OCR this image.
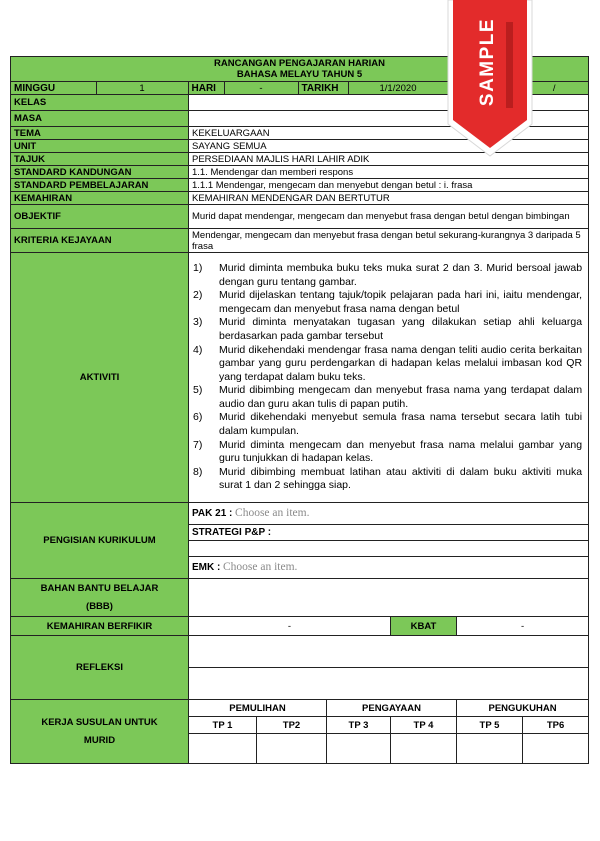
RANCANGAN PENGAJARAN HARIAN
BAHASA MELAYU TAHUN 5

MINGGU	1	HARI	-	TARIKH	1/1/2020		/

KELAS	
MASA	
TEMA	KEKELUARGAAN
UNIT	SAYANG SEMUA
TAJUK	PERSEDIAAN MAJLIS HARI LAHIR ADIK
STANDARD KANDUNGAN	1.1. Mendengar dan memberi respons
STANDARD PEMBELAJARAN	1.1.1 Mendengar, mengecam dan menyebut dengan betul : i. frasa
KEMAHIRAN	KEMAHIRAN MENDENGAR DAN BERTUTUR
OBJEKTIF	Murid dapat mendengar, mengecam dan menyebut frasa dengan betul dengan bimbingan
KRITERIA KEJAYAAN	Mendengar, mengecam dan menyebut frasa dengan betul sekurang-kurangnya 3 daripada 5 frasa
AKTIVITI	
1) Murid diminta membuka buku teks muka surat 2 dan 3. Murid bersoal jawab dengan guru tentang gambar.
2) Murid dijelaskan tentang tajuk/topik pelajaran pada hari ini, iaitu mendengar, mengecam dan menyebut frasa nama dengan betul
3) Murid diminta menyatakan tugasan yang dilakukan setiap ahli keluarga berdasarkan pada gambar tersebut
4) Murid dikehendaki mendengar frasa nama dengan teliti audio cerita berkaitan gambar yang guru perdengarkan di hadapan kelas melalui imbasan kod QR yang terdapat dalam buku teks.
5) Murid dibimbing mengecam dan menyebut frasa nama yang terdapat dalam audio dan guru akan tulis di papan putih.
6) Murid dikehendaki menyebut semula frasa nama tersebut secara latih tubi dalam kumpulan.
7) Murid diminta mengecam dan menyebut frasa nama melalui gambar yang guru tunjukkan di hadapan kelas.
8) Murid dibimbing membuat latihan atau aktiviti di dalam buku aktiviti muka surat 1 dan 2 sehingga siap.

PENGISIAN KURIKULUM	PAK 21 : Choose an item.
STRATEGI P&P :

EMK : Choose an item.

BAHAN BANTU BELAJAR
(BBB)

KEMAHIRAN BERFIKIR	-	KBAT	-
REFLEKSI	

KERJA SUSULAN UNTUK
MURID
	PEMULIHAN	PENGAYAAN	PENGUKUHAN
TP 1	TP2	TP 3	TP 4	TP 5	TP6

SAMPLE
